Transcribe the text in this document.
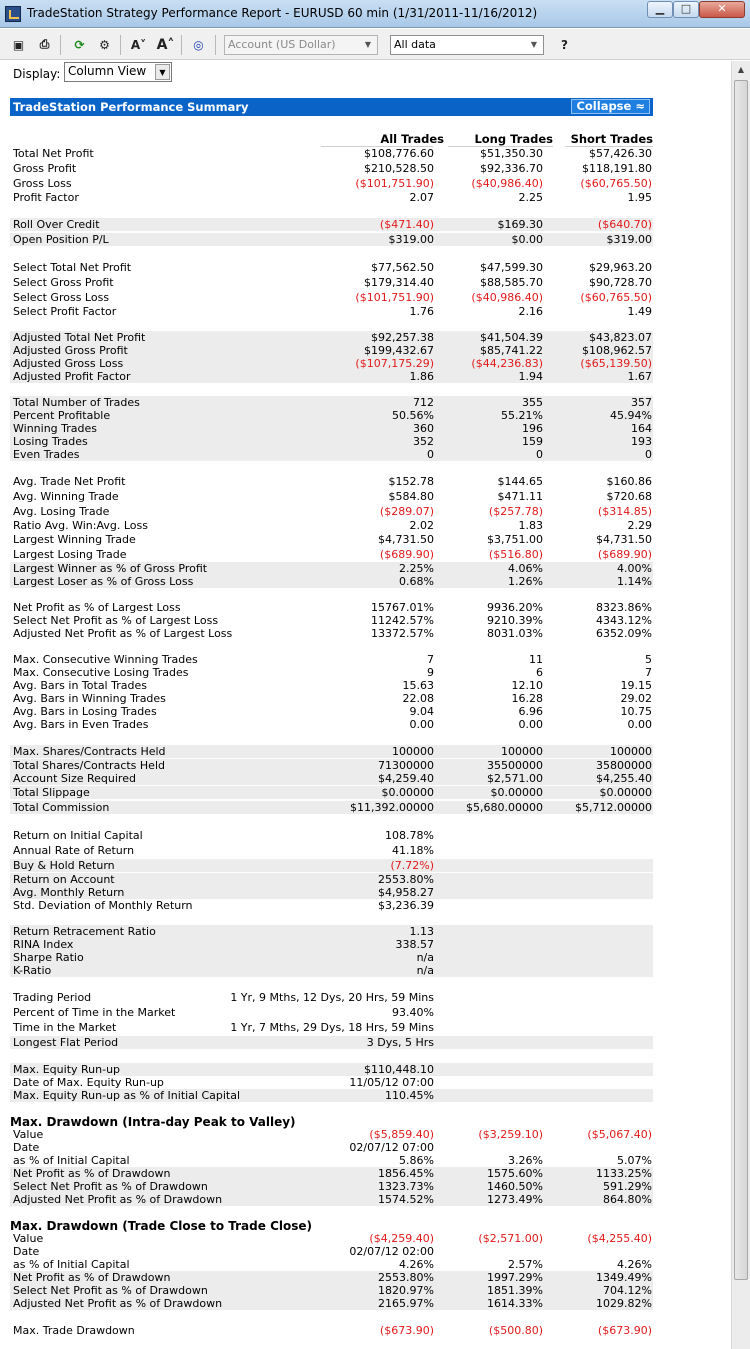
TradeStation Strategy Performance Report - EURUSD 60 min (1/31/2011-11/16/2012)	▁	□	✕
▣ ⎙ ⟳ ⚙ A˅ A˄ ◎	Account (US Dollar)	▼	All data	▼	?
Display: Column View	▼	▲
TradeStation Performance Summary	Collapse ≈
All Trades	Long Trades Short Trades
Max. Drawdown (Intra-day Peak to Valley)
Max. Drawdown (Trade Close to Trade Close)
Total Net Profit	$108,776.60	$51,350.30	$57,426.30
Gross Profit	$210,528.50	$92,336.70	$118,191.80
Gross Loss	($101,751.90)	($40,986.40)	($60,765.50)
Profit Factor	2.07	2.25	1.95
Roll Over Credit	($471.40)	$169.30	($640.70)
Open Position P/L	$319.00	$0.00	$319.00
Select Total Net Profit	$77,562.50	$47,599.30	$29,963.20
Select Gross Profit	$179,314.40	$88,585.70	$90,728.70
Select Gross Loss	($101,751.90)	($40,986.40)	($60,765.50)
Select Profit Factor	1.76	2.16	1.49
Adjusted Total Net Profit	$92,257.38	$41,504.39	$43,823.07
Adjusted Gross Profit	$199,432.67	$85,741.22	$108,962.57
Adjusted Gross Loss	($107,175.29)	($44,236.83)	($65,139.50)
Adjusted Profit Factor	1.86	1.94	1.67
Total Number of Trades	712	355	357
Percent Profitable	50.56%	55.21%	45.94%
Winning Trades	360	196	164
Losing Trades	352	159	193
Even Trades	0	0	0
Avg. Trade Net Profit	$152.78	$144.65	$160.86
Avg. Winning Trade	$584.80	$471.11	$720.68
Avg. Losing Trade	($289.07)	($257.78)	($314.85)
Ratio Avg. Win:Avg. Loss	2.02	1.83	2.29
Largest Winning Trade	$4,731.50	$3,751.00	$4,731.50
Largest Losing Trade	($689.90)	($516.80)	($689.90)
Largest Winner as % of Gross Profit	2.25%	4.06%	4.00%
Largest Loser as % of Gross Loss	0.68%	1.26%	1.14%
Net Profit as % of Largest Loss	15767.01%	9936.20%	8323.86%
Select Net Profit as % of Largest Loss	11242.57%	9210.39%	4343.12%
Adjusted Net Profit as % of Largest Loss	13372.57%	8031.03%	6352.09%
Max. Consecutive Winning Trades	7	11	5
Max. Consecutive Losing Trades	9	6	7
Avg. Bars in Total Trades	15.63	12.10	19.15
Avg. Bars in Winning Trades	22.08	16.28	29.02
Avg. Bars in Losing Trades	9.04	6.96	10.75
Avg. Bars in Even Trades	0.00	0.00	0.00
Max. Shares/Contracts Held	100000	100000	100000
Total Shares/Contracts Held	71300000	35500000	35800000
Account Size Required	$4,259.40	$2,571.00	$4,255.40
Total Slippage	$0.00000	$0.00000	$0.00000
Total Commission	$11,392.00000	$5,680.00000	$5,712.00000
Return on Initial Capital	108.78%
Annual Rate of Return	41.18%
Buy & Hold Return	(7.72%)
Return on Account	2553.80%
Avg. Monthly Return	$4,958.27
Std. Deviation of Monthly Return	$3,236.39
Return Retracement Ratio	1.13
RINA Index	338.57
Sharpe Ratio	n/a
K-Ratio	n/a
Trading Period	1 Yr, 9 Mths, 12 Dys, 20 Hrs, 59 Mins
Percent of Time in the Market	93.40%
Time in the Market	1 Yr, 7 Mths, 29 Dys, 18 Hrs, 59 Mins
Longest Flat Period	3 Dys, 5 Hrs
Max. Equity Run-up	$110,448.10
Date of Max. Equity Run-up	11/05/12 07:00
Max. Equity Run-up as % of Initial Capital	110.45%
Value	($5,859.40)	($3,259.10)	($5,067.40)
Date	02/07/12 07:00
as % of Initial Capital	5.86%	3.26%	5.07%
Net Profit as % of Drawdown	1856.45%	1575.60%	1133.25%
Select Net Profit as % of Drawdown	1323.73%	1460.50%	591.29%
Adjusted Net Profit as % of Drawdown	1574.52%	1273.49%	864.80%
Value	($4,259.40)	($2,571.00)	($4,255.40)
Date	02/07/12 02:00
as % of Initial Capital	4.26%	2.57%	4.26%
Net Profit as % of Drawdown	2553.80%	1997.29%	1349.49%
Select Net Profit as % of Drawdown	1820.97%	1851.39%	704.12%
Adjusted Net Profit as % of Drawdown	2165.97%	1614.33%	1029.82%
Max. Trade Drawdown	($673.90)	($500.80)	($673.90)
